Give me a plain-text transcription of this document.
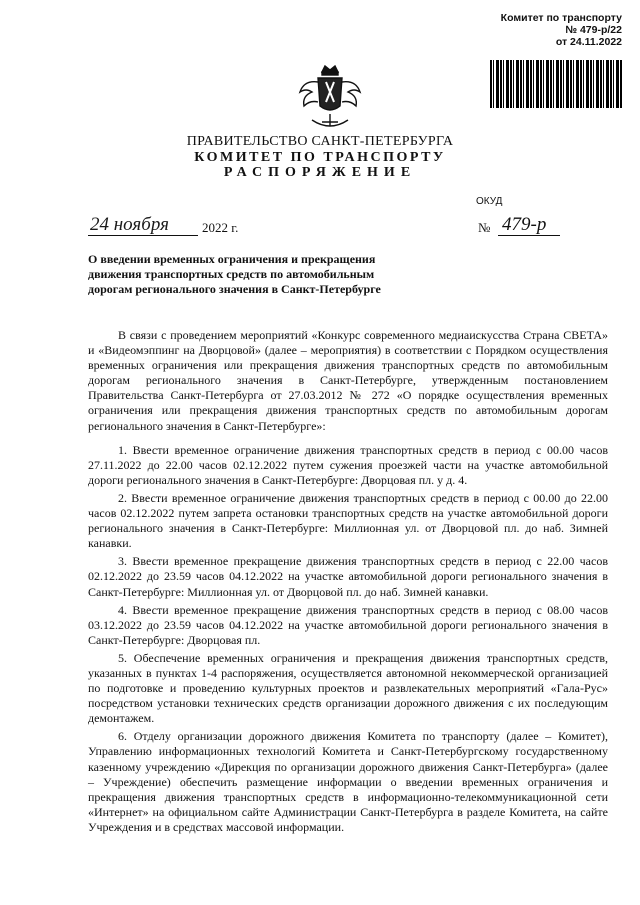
Комитет по транспорту
№ 479-р/22
от 24.11.2022
ПРАВИТЕЛЬСТВО САНКТ-ПЕТЕРБУРГА
КОМИТЕТ ПО ТРАНСПОРТУ
РАСПОРЯЖЕНИЕ
ОКУД
24 ноября	2022 г.	№ 479-р
О введении временных ограничения и прекращения движения транспортных средств по автомобильным дорогам регионального значения в Санкт-Петербурге

В связи с проведением мероприятий «Конкурс современного медиаискусства Страна СВЕТА» и «Видеомэппинг на Дворцовой» (далее – мероприятия) в соответствии с Порядком осуществления временных ограничения или прекращения движения транспортных средств по автомобильным дорогам регионального значения в Санкт-Петербурге, утвержденным постановлением Правительства Санкт-Петербурга от 27.03.2012 № 272 «О порядке осуществления временных ограничения или прекращения движения транспортных средств по автомобильным дорогам регионального значения в Санкт-Петербурге»:

1. Ввести временное ограничение движения транспортных средств в период с 00.00 часов 27.11.2022 до 22.00 часов 02.12.2022 путем сужения проезжей части на участке автомобильной дороги регионального значения в Санкт-Петербурге: Дворцовая пл. у д. 4.

2. Ввести временное ограничение движения транспортных средств в период с 00.00 до 22.00 часов 02.12.2022 путем запрета остановки транспортных средств на участке автомобильной дороги регионального значения в Санкт-Петербурге: Миллионная ул. от Дворцовой пл. до наб. Зимней канавки.

3. Ввести временное прекращение движения транспортных средств в период с 22.00 часов 02.12.2022 до 23.59 часов 04.12.2022 на участке автомобильной дороги регионального значения в Санкт-Петербурге: Миллионная ул. от Дворцовой пл. до наб. Зимней канавки.

4. Ввести временное прекращение движения транспортных средств в период с 08.00 часов 03.12.2022 до 23.59 часов 04.12.2022 на участке автомобильной дороги регионального значения в Санкт-Петербурге: Дворцовая пл.

5. Обеспечение временных ограничения и прекращения движения транспортных средств, указанных в пунктах 1-4 распоряжения, осуществляется автономной некоммерческой организацией по подготовке и проведению культурных проектов и развлекательных мероприятий «Гала-Рус» посредством установки технических средств организации дорожного движения с их последующим демонтажем.

6. Отделу организации дорожного движения Комитета по транспорту (далее – Комитет), Управлению информационных технологий Комитета и Санкт-Петербургскому государственному казенному учреждению «Дирекция по организации дорожного движения Санкт-Петербурга» (далее – Учреждение) обеспечить размещение информации о введении временных ограничения и прекращения движения транспортных средств в информационно-телекоммуникационной сети «Интернет» на официальном сайте Администрации Санкт-Петербурга в разделе Комитета, на сайте Учреждения и в средствах массовой информации.
